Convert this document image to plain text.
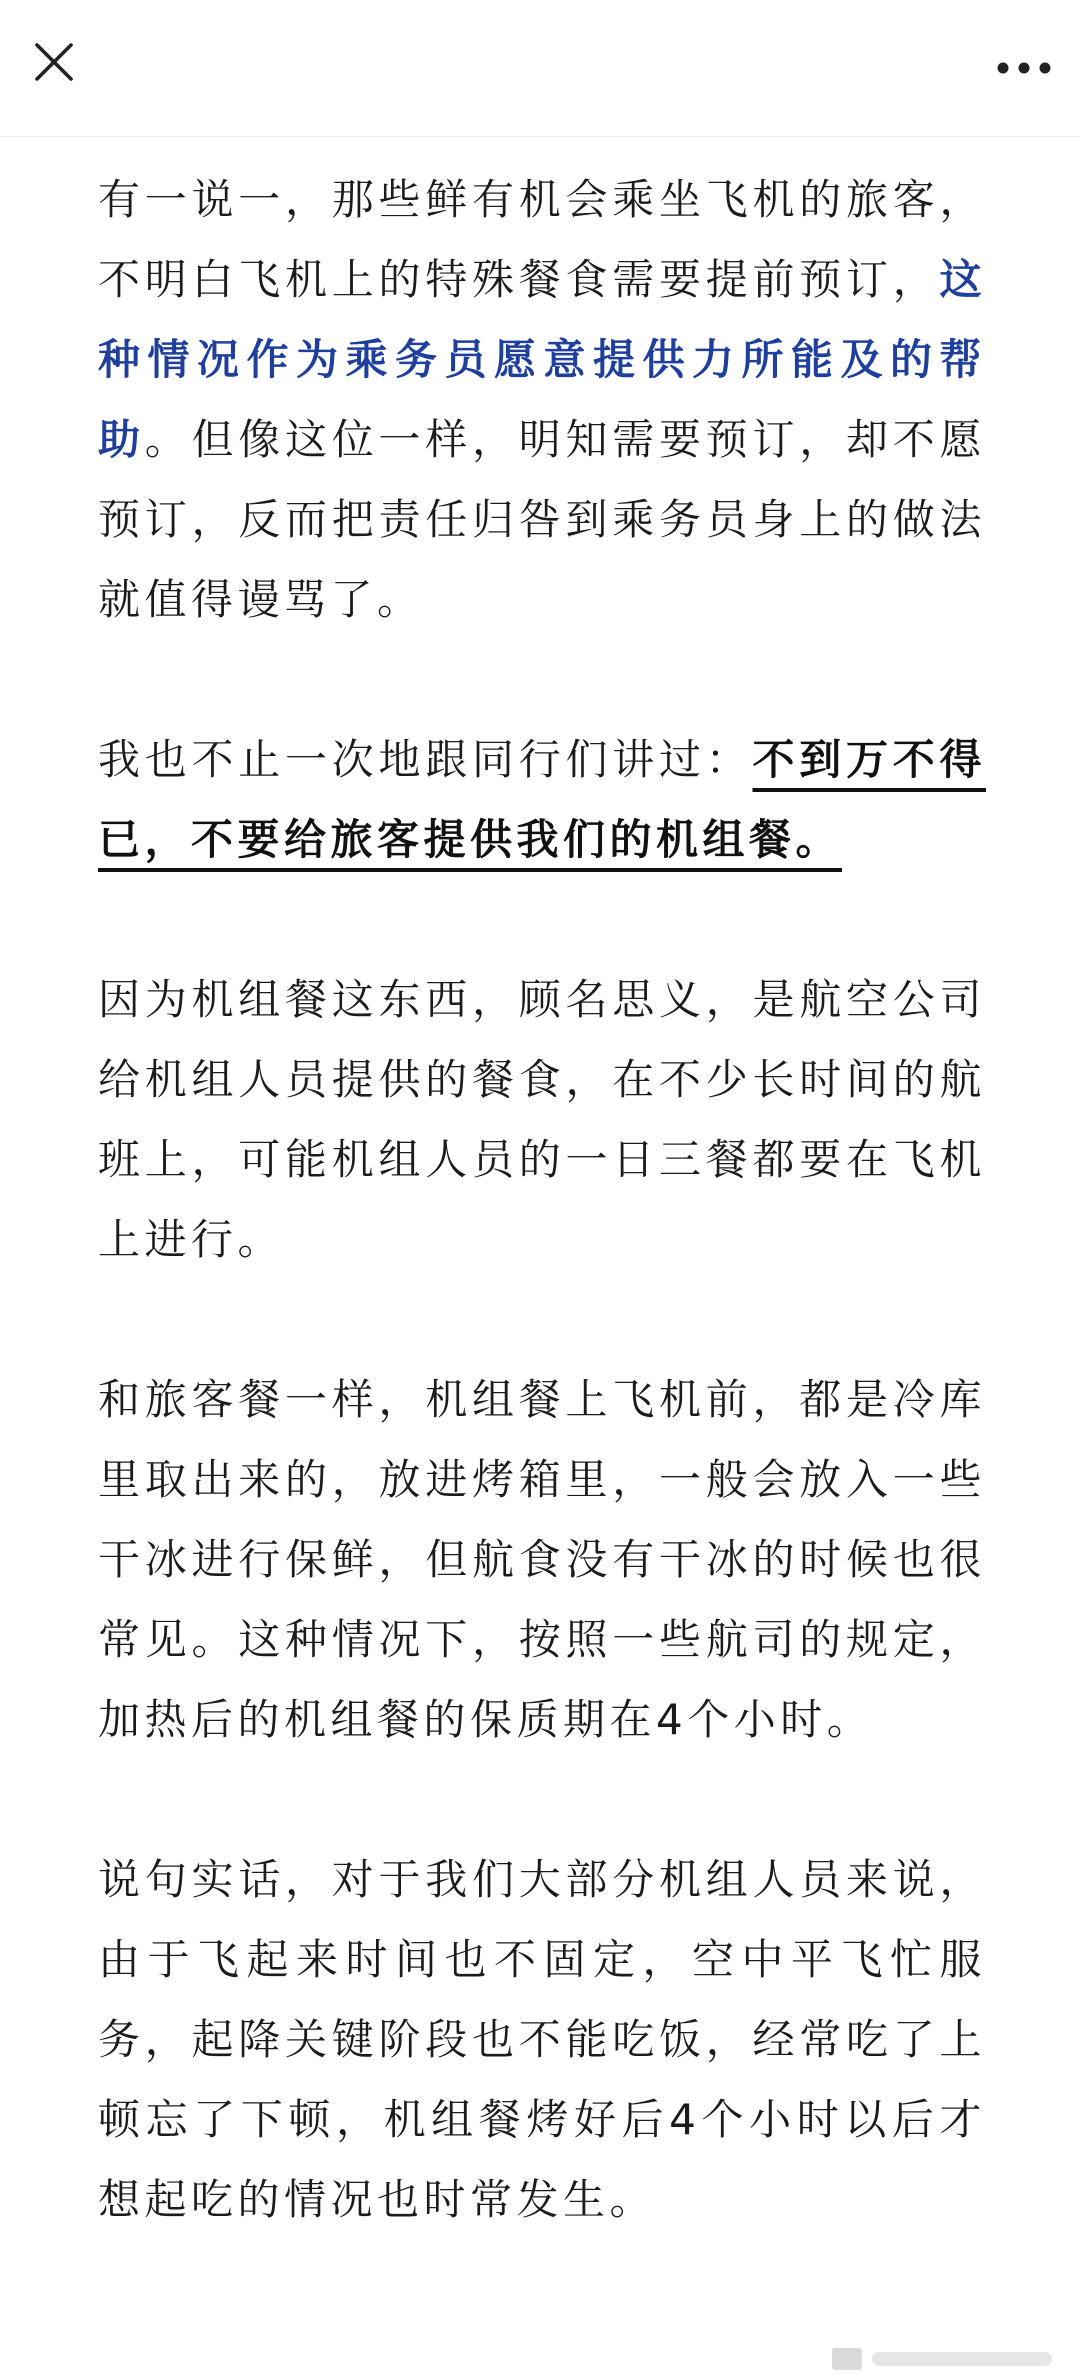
有一说一，那些鲜有机会乘坐飞机的旅客，不明白飞机上的特殊餐食需要提前预订，这种情况作为乘务员愿意提供力所能及的帮助。但像这位一样，明知需要预订，却不愿预订，反而把责任归咎到乘务员身上的做法就值得谩骂了。

我也不止一次地跟同行们讲过：不到万不得已，不要给旅客提供我们的机组餐。

因为机组餐这东西，顾名思义，是航空公司给机组人员提供的餐食，在不少长时间的航班上，可能机组人员的一日三餐都要在飞机上进行。

和旅客餐一样，机组餐上飞机前，都是冷库里取出来的，放进烤箱里，一般会放入一些干冰进行保鲜，但航食没有干冰的时候也很常见。这种情况下，按照一些航司的规定，加热后的机组餐的保质期在4个小时。

说句实话，对于我们大部分机组人员来说，由于飞起来时间也不固定，空中平飞忙服务，起降关键阶段也不能吃饭，经常吃了上顿忘了下顿，机组餐烤好后4个小时以后才想起吃的情况也时常发生。
